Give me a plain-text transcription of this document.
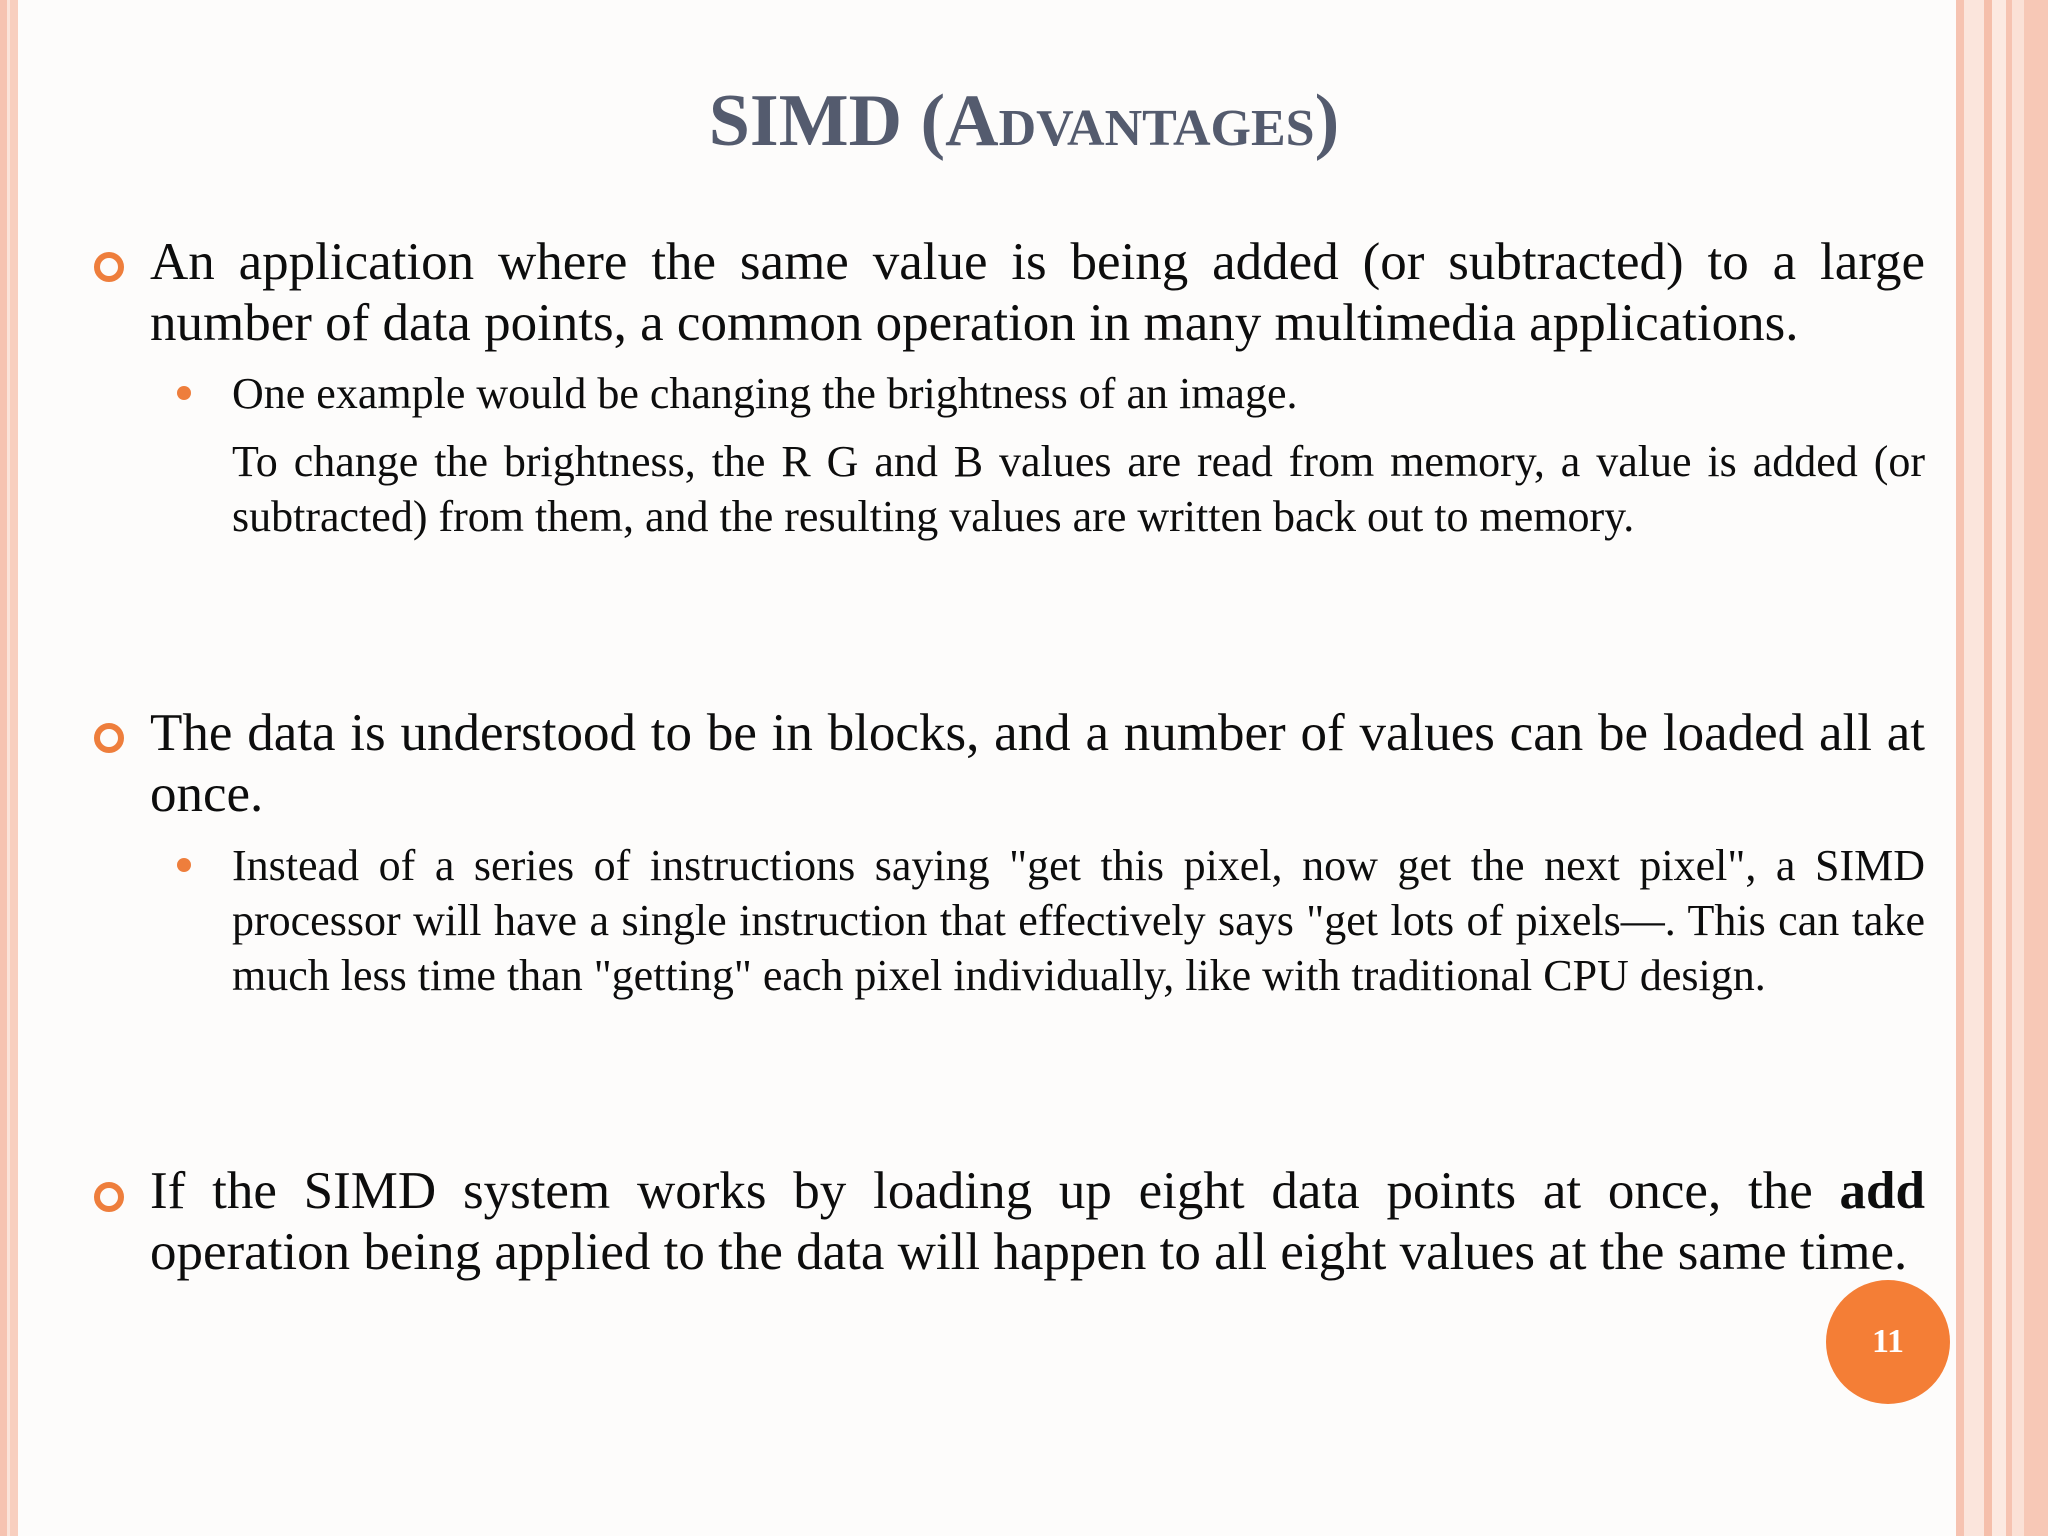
SIMD (Advantages)

An application where the same value is being added (or subtracted) to a large number of data points, a common operation in many multimedia applications.

One example would be changing the brightness of an image.

To change the brightness, the R G and B values are read from memory, a value is added (or subtracted) from them, and the resulting values are written back out to memory.

The data is understood to be in blocks, and a number of values can be loaded all at once.

Instead of a series of instructions saying "get this pixel, now get the next pixel", a SIMD processor will have a single instruction that effectively says "get lots of pixels―. This can take much less time than "getting" each pixel individually, like with traditional CPU design.

If the SIMD system works by loading up eight data points at once, the add operation being applied to the data will happen to all eight values at the same time.

11
